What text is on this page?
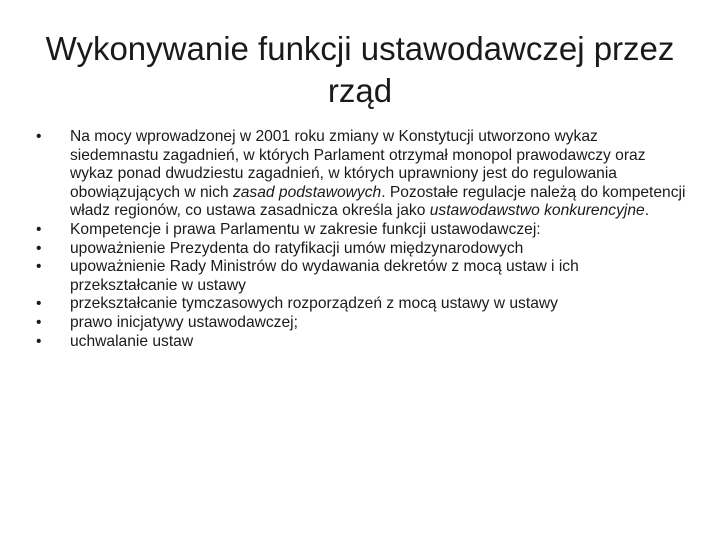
Wykonywanie funkcji ustawodawczej przez rząd
•	Na mocy wprowadzonej w 2001 roku zmiany w Konstytucji utworzono wykaz siedemnastu zagadnień, w których Parlament otrzymał monopol prawodawczy oraz wykaz ponad dwudziestu zagadnień, w których uprawniony jest do regulowania obowiązujących w nich zasad podstawowych. Pozostałe regulacje należą do kompetencji władz regionów, co ustawa zasadnicza określa jako ustawodawstwo konkurencyjne.
•	Kompetencje i prawa Parlamentu w zakresie funkcji ustawodawczej:
•	upoważnienie Prezydenta do ratyfikacji umów międzynarodowych
•	upoważnienie Rady Ministrów do wydawania dekretów z mocą ustaw i ich przekształcanie w ustawy
•	przekształcanie tymczasowych rozporządzeń z mocą ustawy w ustawy
•	prawo inicjatywy ustawodawczej;
•	uchwalanie ustaw
